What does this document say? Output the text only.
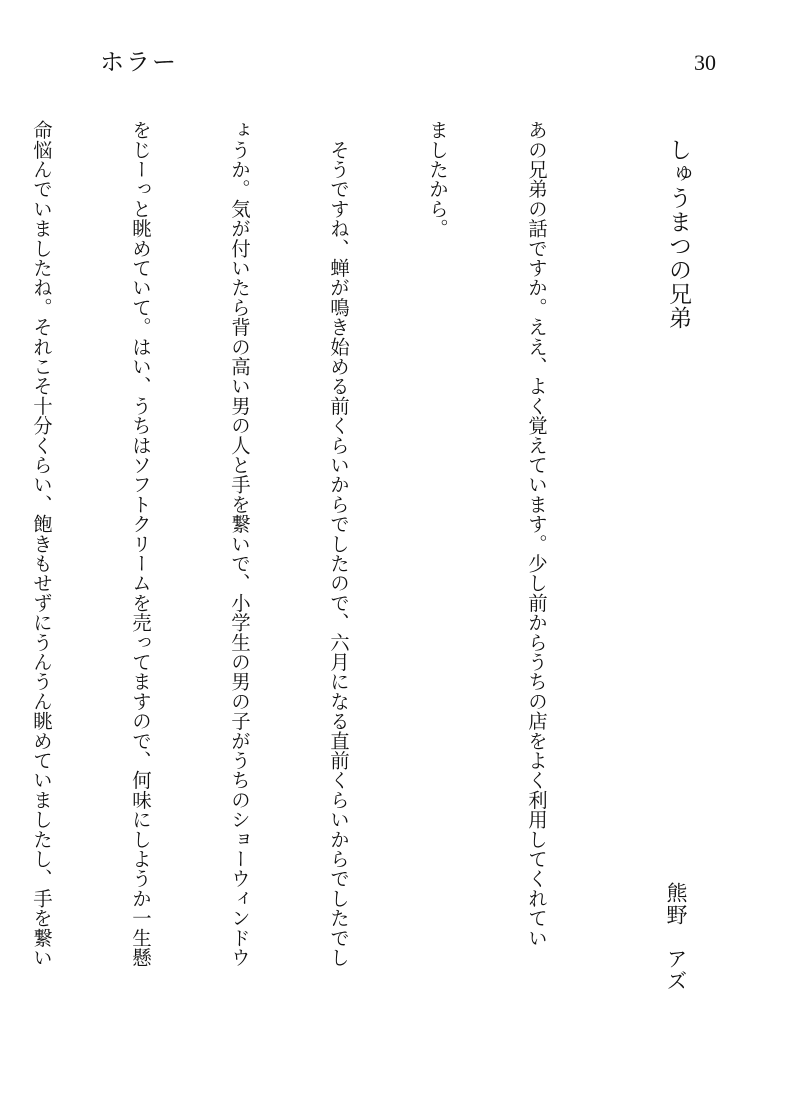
ホラー	30
しゅうまつの兄弟
熊野　アズ

あの兄弟の話ですか。ええ、よく覚えています。少し前からうちの店をよく利用してくれてい

ましたから。

　そうですね、蝉が鳴き始める前くらいからでしたので、六月になる直前くらいからでしたでし

ょうか。気が付いたら背の高い男の人と手を繋いで、小学生の男の子がうちのショーウィンドウ

をじーっと眺めていて。はい、うちはソフトクリームを売ってますので、何味にしようか一生懸

命悩んでいましたね。それこそ十分くらい、飽きもせずにうんうん眺めていましたし、手を繋い
